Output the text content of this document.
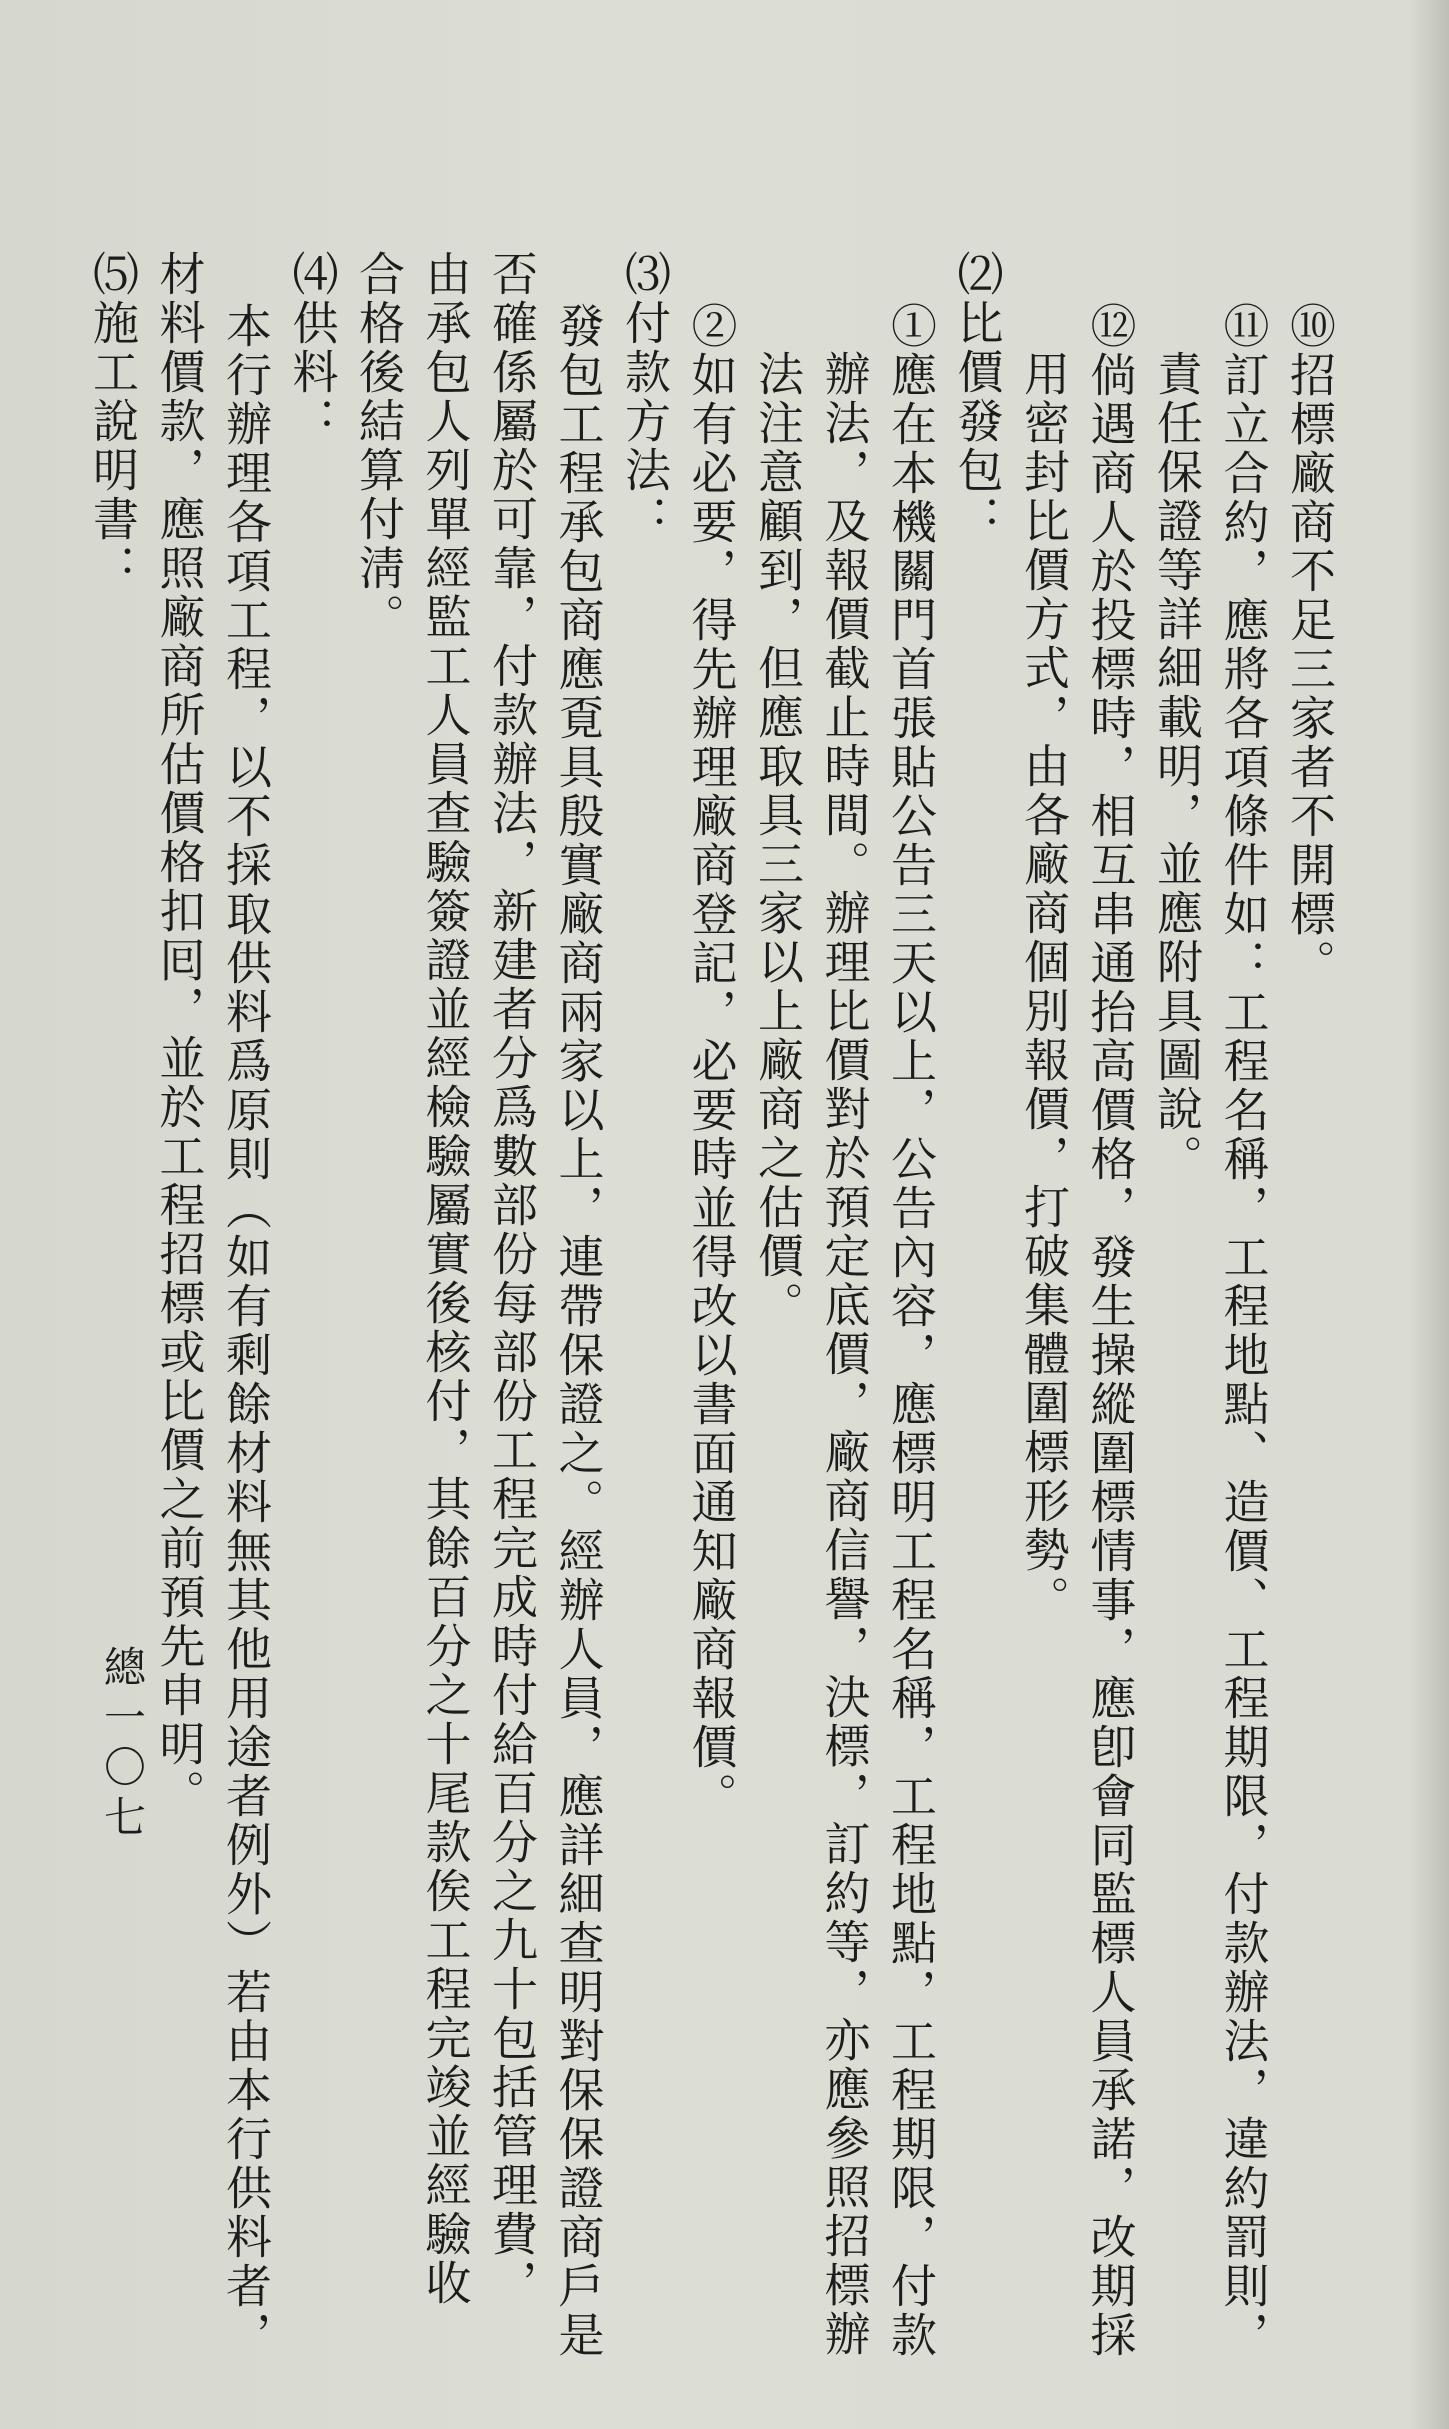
⑩招標廠商不足三家者不開標。
⑪訂立合約，應將各項條件如：工程名稱，工程地點、造價、工程期限，付款辦法，違約罰則，
責任保證等詳細載明，並應附具圖說。
⑫倘遇商人於投標時，相互串通抬高價格，發生操縱圍標情事，應卽會同監標人員承諾，改期採
用密封比價方式，由各廠商個別報價，打破集體圍標形勢。
⑵比價發包：
①應在本機關門首張貼公告三天以上，公告內容，應標明工程名稱，工程地點，工程期限，付款
辦法，及報價截止時間。辦理比價對於預定底價，廠商信譽，決標，訂約等，亦應參照招標辦
法注意顧到，但應取具三家以上廠商之估價。
②如有必要，得先辦理廠商登記，必要時並得改以書面通知廠商報價。
⑶付款方法：
發包工程承包商應覔具殷實廠商兩家以上，連帶保證之。經辦人員，應詳細查明對保保證商戶是
否確係屬於可靠，付款辦法，新建者分爲數部份每部份工程完成時付給百分之九十包括管理費，
由承包人列單經監工人員查驗簽證並經檢驗屬實後核付，其餘百分之十尾款俟工程完竣並經驗收
合格後結算付淸。
⑷供料：
本行辦理各項工程，以不採取供料爲原則（如有剩餘材料無其他用途者例外）若由本行供料者，
材料價款，應照廠商所估價格扣囘，並於工程招標或比價之前預先申明。
⑸施工說明書：
總一〇七
